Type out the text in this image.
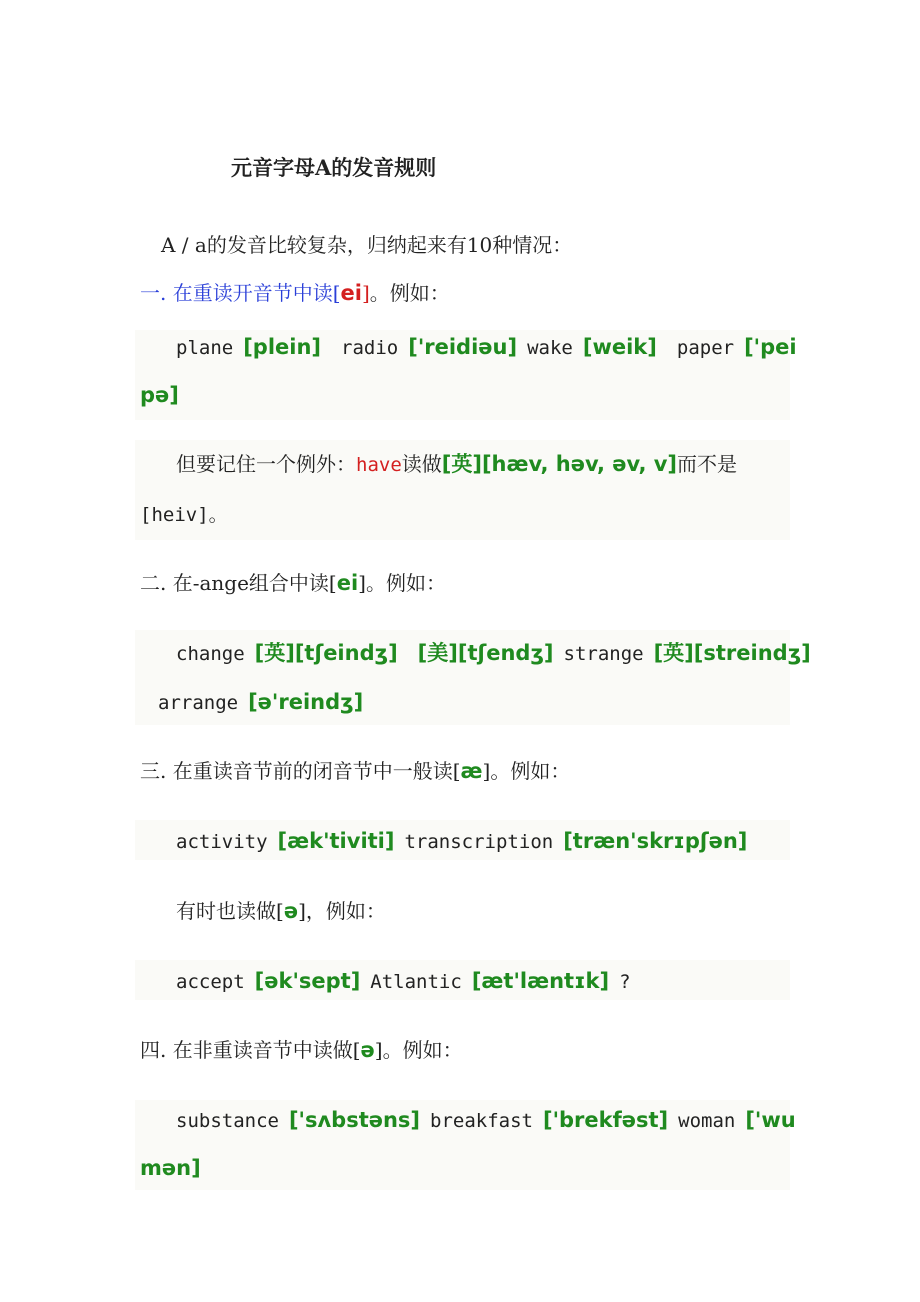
元音字母A的发音规则
A / a的发音比较复杂，归纳起来有10种情况：
一. 在重读开音节中读[ei]。例如：
plane [plein] radio ['reidiəu] wake [weik] paper ['pei
pə]
但要记住一个例外：have读做[英][hæv, həv, əv, v]而不是
[heiv]。
二. 在-ange组合中读[ei]。例如：
change [英][tʃeindʒ] [美][tʃendʒ] strange [英][streindʒ]
arrange [ə'reindʒ]
三. 在重读音节前的闭音节中一般读[æ]。例如：
activity [æk'tiviti] transcription [træn'skrɪpʃən]
有时也读做[ə]，例如：
accept [ək'sept] Atlantic [æt'læntɪk] ?
四. 在非重读音节中读做[ə]。例如：
substance ['sʌbstəns] breakfast ['brekfəst] woman ['wu
mən]
